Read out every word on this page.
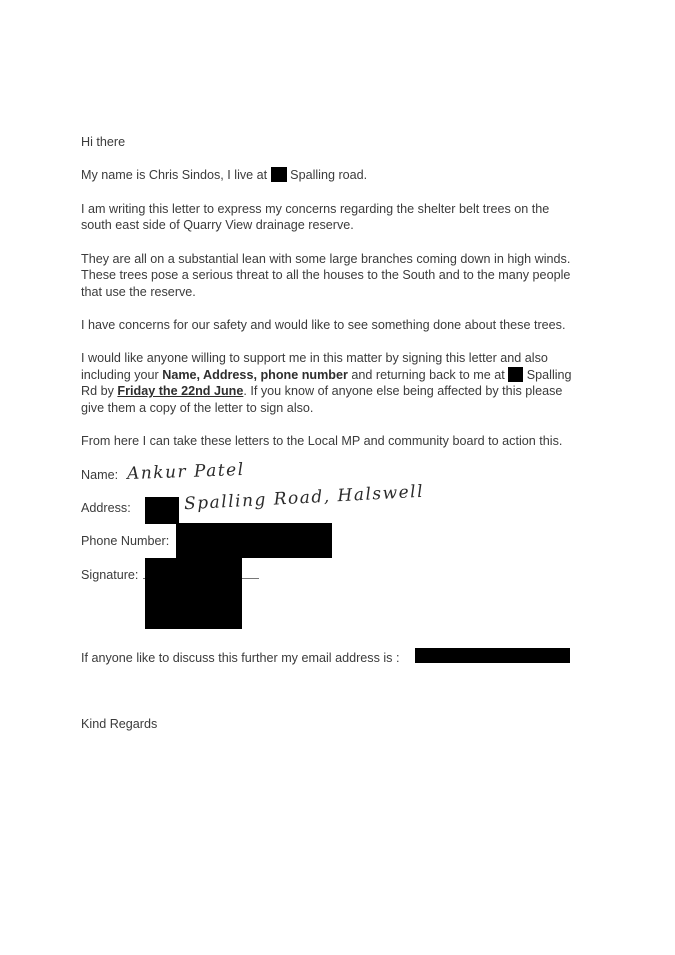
Hi there
My name is Chris Sindos, I live at Spalling road.
I am writing this letter to express my concerns regarding the shelter belt trees on the
south east side of Quarry View drainage reserve.
They are all on a substantial lean with some large branches coming down in high winds.
These trees pose a serious threat to all the houses to the South and to the many people
that use the reserve.
I have concerns for our safety and would like to see something done about these trees.
I would like anyone willing to support me in this matter by signing this letter and also
including your Name, Address, phone number and returning back to me at Spalling
Rd by Friday the 22nd June. If you know of anyone else being affected by this please
give them a copy of the letter to sign also.
From here I can take these letters to the Local MP and community board to action this.
Name: Ankur Patel
Address:	Spalling Road, Halswell
Phone Number:
Signature:
If anyone like to discuss this further my email address is :
Kind Regards
